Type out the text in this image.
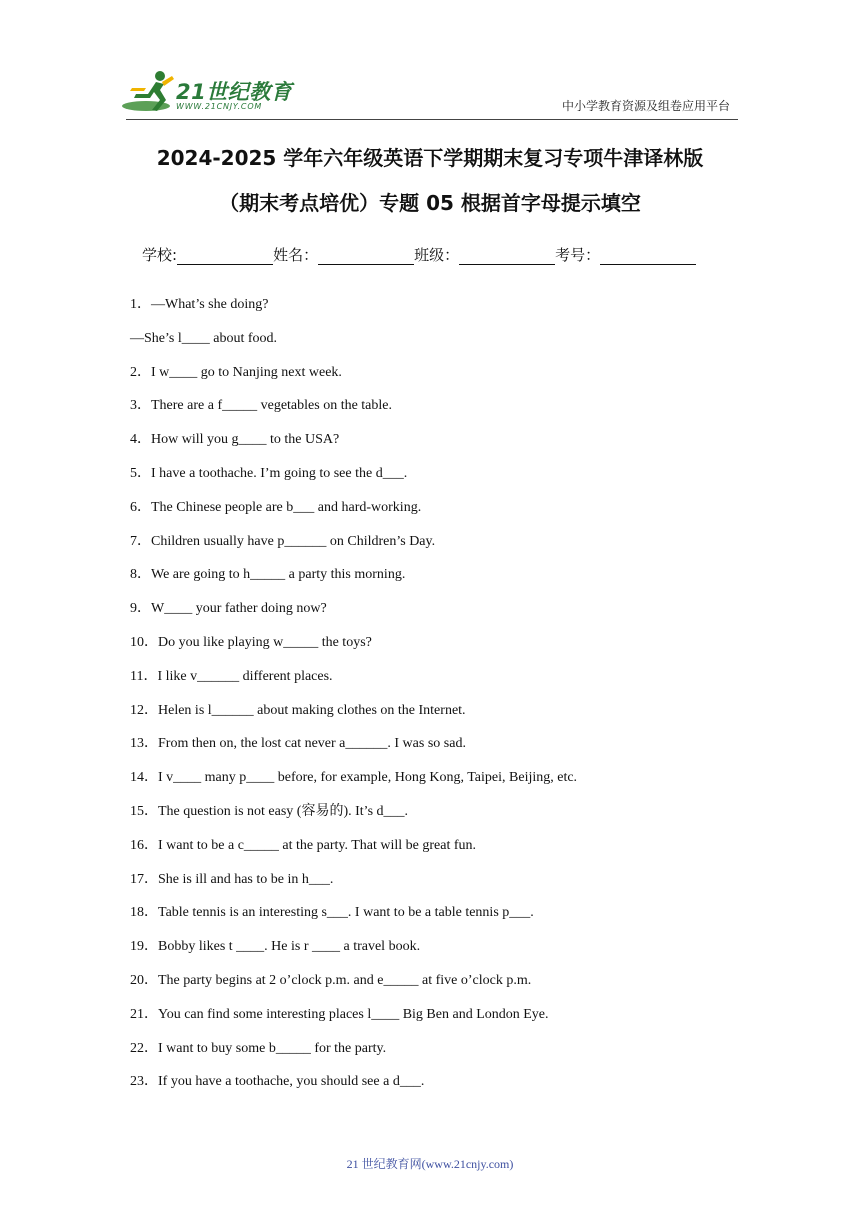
21世纪教育
WWW.21CNJY.COM	中小学教育资源及组卷应用平台
2024-2025 学年六年级英语下学期期末复习专项牛津译林版
（期末考点培优）专题 05 根据首字母提示填空
学校:	姓名：	班级：	考号：
1．—What’s she doing?
—She’s l____ about food.
2．I w____ go to Nanjing next week.
3．There are a f_____ vegetables on the table.
4．How will you g____ to the USA?
5．I have a toothache. I’m going to see the d___.
6．The Chinese people are b___ and hard-working.
7．Children usually have p______ on Children’s Day.
8．We are going to h_____ a party this morning.
9．W____ your father doing now?
10．Do you like playing w_____ the toys?
11．I like v______ different places.
12．Helen is l______ about making clothes on the Internet.
13．From then on, the lost cat never a______. I was so sad.
14．I v____ many p____ before, for example, Hong Kong, Taipei, Beijing, etc.
15．The question is not easy (容易的). It’s d___.
16．I want to be a c_____ at the party. That will be great fun.
17．She is ill and has to be in h___.
18．Table tennis is an interesting s___. I want to be a table tennis p___.
19．Bobby likes t ____. He is r ____ a travel book.
20．The party begins at 2 o’clock p.m. and e_____ at five o’clock p.m.
21．You can find some interesting places l____ Big Ben and London Eye.
22．I want to buy some b_____ for the party.
23．If you have a toothache, you should see a d___.
21 世纪教育网(www.21cnjy.com)
